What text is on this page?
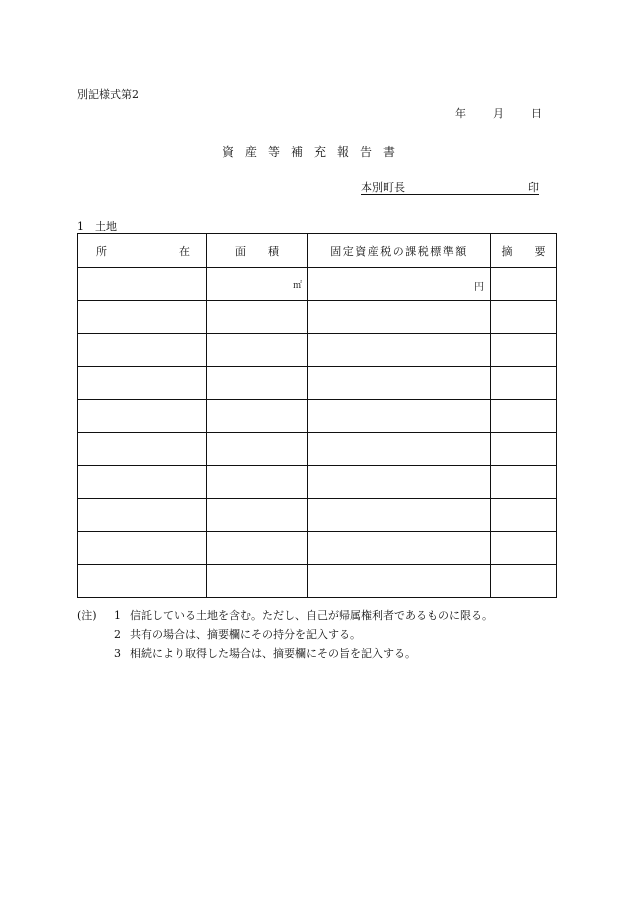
別記様式第2
年 月 日
資産等補充報告書
本別町長	印
1　土地
所 在	面 積	固定資産税の課税標準額	摘 要

	㎡	円	

(注) 1 信託している土地を含む。ただし、自己が帰属権利者であるものに限る。
2 共有の場合は、摘要欄にその持分を記入する。
3 相続により取得した場合は、摘要欄にその旨を記入する。
